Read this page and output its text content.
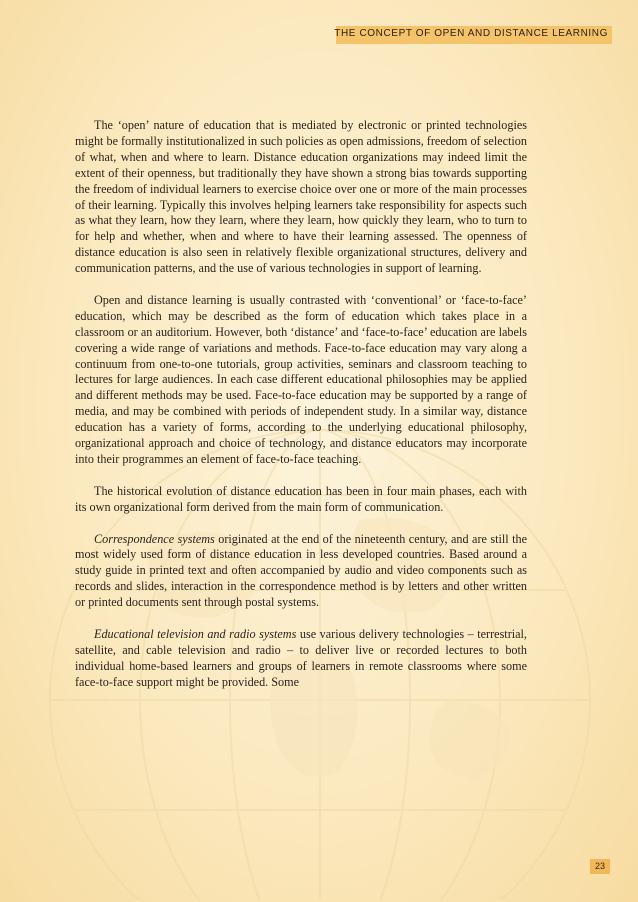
THE CONCEPT OF OPEN AND DISTANCE LEARNING

The ‘open’ nature of education that is mediated by electronic or printed technologies might be formally institutionalized in such policies as open admissions, freedom of selection of what, when and where to learn. Distance education organizations may indeed limit the extent of their openness, but traditionally they have shown a strong bias towards supporting the freedom of individual learners to exercise choice over one or more of the main processes of their learning. Typically this involves helping learners take responsibility for aspects such as what they learn, how they learn, where they learn, how quickly they learn, who to turn to for help and whether, when and where to have their learning assessed. The openness of distance education is also seen in relatively flexible organizational structures, delivery and communication patterns, and the use of various technologies in support of learning.

Open and distance learning is usually contrasted with ‘conventional’ or ‘face-to-face’ education, which may be described as the form of education which takes place in a classroom or an auditorium. However, both ‘distance’ and ‘face-to-face’ education are labels covering a wide range of variations and methods. Face-to-face education may vary along a continuum from one-to-one tutorials, group activities, seminars and classroom teaching to lectures for large audiences. In each case different educational philosophies may be applied and different methods may be used. Face-to-face education may be supported by a range of media, and may be combined with periods of independent study. In a similar way, distance education has a variety of forms, according to the underlying educational philosophy, organizational approach and choice of technology, and distance educators may incorporate into their programmes an element of face-to-face teaching.

The historical evolution of distance education has been in four main phases, each with its own organizational form derived from the main form of communication.

Correspondence systems originated at the end of the nineteenth century, and are still the most widely used form of distance education in less developed countries. Based around a study guide in printed text and often accompanied by audio and video components such as records and slides, interaction in the correspondence method is by letters and other written or printed documents sent through postal systems.

Educational television and radio systems use various delivery technologies – terrestrial, satellite, and cable television and radio – to deliver live or recorded lectures to both individual home-based learners and groups of learners in remote classrooms where some face-to-face support might be provided. Some

23
